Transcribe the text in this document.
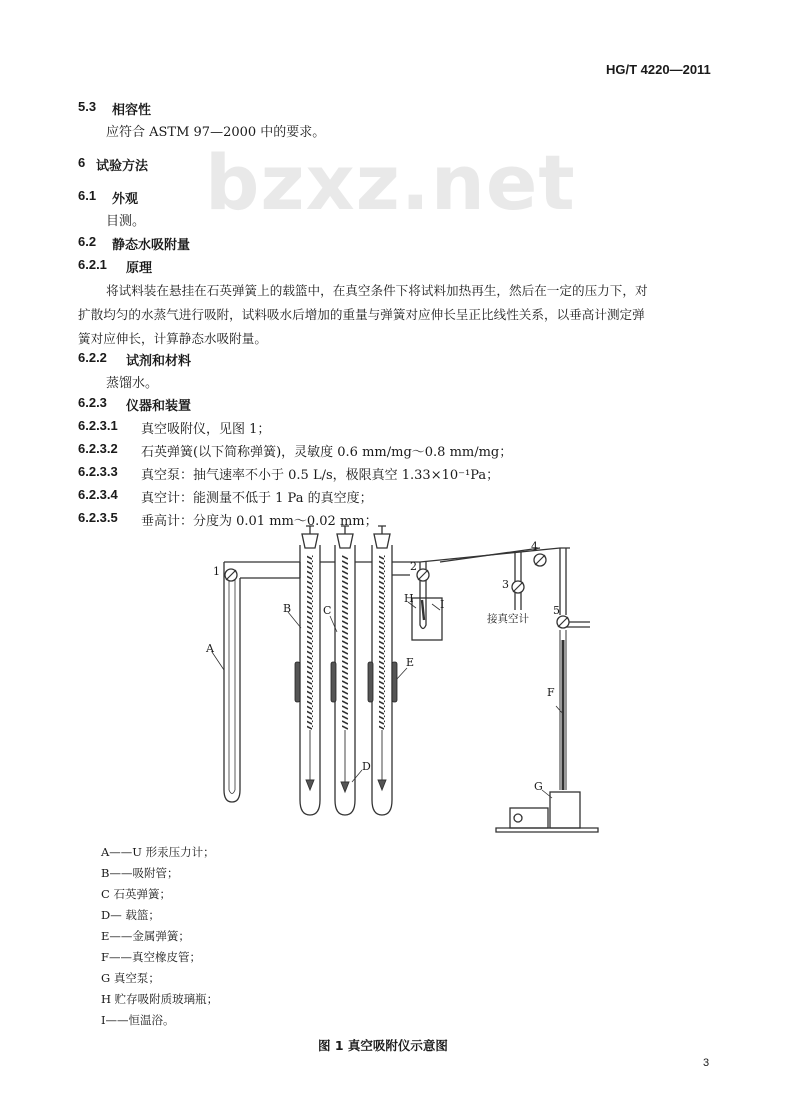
HG/T 4220—2011
bzxz.net
5.3 相容性
应符合 ASTM 97—2000 中的要求。
6 试验方法
6.1 外观
目测。
6.2 静态水吸附量
6.2.1 原理
将试料装在悬挂在石英弹簧上的载篮中，在真空条件下将试料加热再生，然后在一定的压力下，对
扩散均匀的水蒸气进行吸附，试料吸水后增加的重量与弹簧对应伸长呈正比线性关系，以垂高计测定弹
簧对应伸长，计算静态水吸附量。
6.2.2 试剂和材料
蒸馏水。
6.2.3 仪器和装置
6.2.3.1 真空吸附仪，见图 1；
6.2.3.2 石英弹簧(以下简称弹簧)，灵敏度 0.6 mm/mg～0.8 mm/mg；
6.2.3.3 真空泵：抽气速率不小于 0.5 L/s，极限真空 1.33×10⁻¹Pa；
6.2.3.4 真空计：能测量不低于 1 Pa 的真空度；
6.2.3.5 垂高计：分度为 0.01 mm～0.02 mm；
1	2
3
4
5
A
B	C
D
E
F
G
H I
接真空计
A——U 形汞压力计；
B——吸附管；
C 石英弹簧；
D— 载篮；
E——金属弹簧；
F——真空橡皮管；
G 真空泵；
H 贮存吸附质玻璃瓶；
I——恒温浴。
图 1 真空吸附仪示意图
3
